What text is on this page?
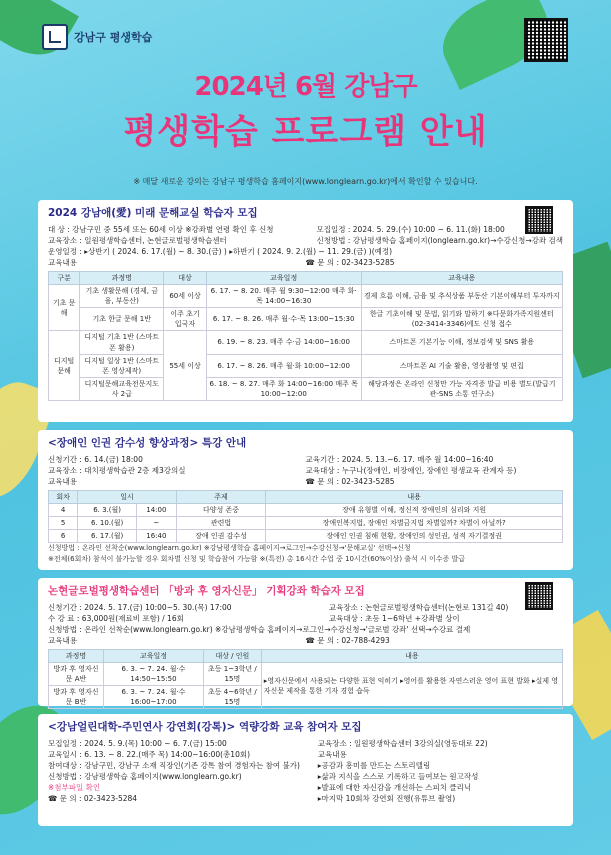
강남구 평생학습
2024년 6월 강남구
평생학습 프로그램 안내
※ 매달 새로운 강의는 강남구 평생학습 홈페이지(www.longlearn.go.kr)에서 확인할 수 있습니다.
2024 강남애(愛) 미래 문해교실 학습자 모집
대 상 : 강남구민 중 55세 또는 60세 이상 ※강좌별 연령 확인 후 신청
교육장소 : 일원평생학습센터, 논현글로벌평생학습센터
모집일정 : 2024. 5. 29.(수) 10:00 ~ 6. 11.(화) 18:00
신청방법 : 강남평생학습 홈페이지(longlearn.go.kr)→수강신청→강좌 검색
운영일정 : ▸상반기 ( 2024. 6. 17.(월) ~ 8. 30.(금) ) ▸하반기 ( 2024. 9. 2.(월) ~ 11. 29.(금) )(예정)
교육내용	☎ 문 의 : 02-3423-5285
구분	과정명	대상	교육일정	교육내용
기초 문해	기초 생활문해 (경제, 금융, 부동산)	60세 이상	6. 17. ~ 8. 20. 매주 월 9:30~12:00 매주 화·목 14:00~16:30	경제 흐름 이해, 금융 및 추식상품 부동산 기본이해부터 투자까지
	기초 한글 문해 1반	이주 초기 입국자	6. 17. ~ 8. 26. 매주 월·수·목 13:00~15:30	한글 기초이해 및 문법, 읽기와 말하기 ※다문화가족지원센터(02-3414-3346)에도 신청 접수
디지털 문해	디지털 기초 1반 (스마트폰 활용)	55세 이상	6. 19. ~ 8. 23. 매주 수·금 14:00~16:00	스마트폰 기본기능 이해, 정보검색 및 SNS 활용
	디지털 일상 1반 (스마트폰 영상제작)		6. 17. ~ 8. 26. 매주 월·화 10:00~12:00	스마트폰 AI 기술 활용, 영상촬영 및 편집
	디지털문해교육전문지도사 2급		6. 18. ~ 8. 27. 매주 화 14:00~16:00 매주 목 10:00~12:00	해당과정은 온라인 신청만 가능 자격증 발급 비용 별도(발급기관-SNS 소통 연구소)
<장애인 인권 감수성 향상과정> 특강 안내
신청기간 : 6. 14.(금) 18:00
교육장소 : 대치평생학습관 2층 제3강의실
교육내용
교육기간 : 2024. 5. 13.~6. 17. 매주 월 14:00~16:40
교육대상 : 누구나(장애인, 비장애인, 장애인 평생교육 관계자 등)
☎ 문 의 : 02-3423-5285
회차	일시		주제	내용
4	6. 3.(월)	14:00	다양성 존중	장애 유형별 이해, 정신적 장애인의 심리와 지원
5	6. 10.(월)	~	관련법	장애인복지법, 장애인 차별금지법 차별일까? 차별이 아닐까?
6	6. 17.(월)	16:40	장애 인권 감수성	장애인 인권 침해 현황, 장애인의 성인권, 성적 자기결정권
신청방법 : 온라인 선착순(www.longlearn.go.kr) ※강남평생학습 홈페이지→로그인→수강신청→'문해교실' 선택→신청
※전체(6회차) 참석이 불가능할 경우 회차별 신청 및 학습참여 가능함 ※(특전) 총 16시간 수업 중 10시간(60%이상) 출석 시 이수증 발급
논현글로벌평생학습센터 「방과 후 영자신문」 기획강좌 학습자 모집
신청기간 : 2024. 5. 17.(금) 10:00~5. 30.(목) 17:00
수 강 료 : 63,000원(재료비 포함) / 16회
교육장소 : 논현글로벌평생학습센터(논현로 131길 40)
교육대상 : 초등 1~6학년 +강좌별 상이
신청방법 : 온라인 선착순(www.longlearn.go.kr) ※강남평생학습 홈페이지→로그인→수강신청→'글로벌 강좌' 선택→수강료 결제
교육내용	☎ 문 의 : 02-788-4293
과정명	교육일정	대상 / 인원	내용
방과 후 영자신문 A반	6. 3. ~ 7. 24. 월·수 14:50~15:50	초등 1~3학년 / 15명	▸영자신문에서 사용되는 다양한 표현 익히기 ▸영어를 활용한 자연스러운 영어 표현 발화 ▸실제 영자신문 제작을 통한 기자 경험 습득
방과 후 영자신문 B반	6. 3. ~ 7. 24. 월·수 16:00~17:00	초등 4~6학년 / 15명	
<강남얼린대학-주민연사 강연회(강톡)> 역량강화 교육 참여자 모집
모집일정 : 2024. 5. 9.(목) 10:00 ~ 6. 7.(금) 15:00
교육일시 : 6. 13. ~ 8. 22.(매주 목) 14:00~16:00(총10회)
참여대상 : 강남구민, 강남구 소재 직장인(기존 강톡 참여 경험자는 참여 불가)
신청방법 : 강남평생학습 홈페이지(www.longlearn.go.kr)
※첨부파일 확인
☎ 문 의 : 02-3423-5284
교육장소 : 일원평생학습센터 3강의실(영동대로 22)
교육내용
▸공감과 흥미를 만드는 스토리텔링
▸삶과 지식을 스스로 기록하고 들여보는 원고작성
▸발표에 대한 자신감을 개선하는 스피치 클리닉
▸마지막 10회차 강연회 진행(유튜브 촬영)
